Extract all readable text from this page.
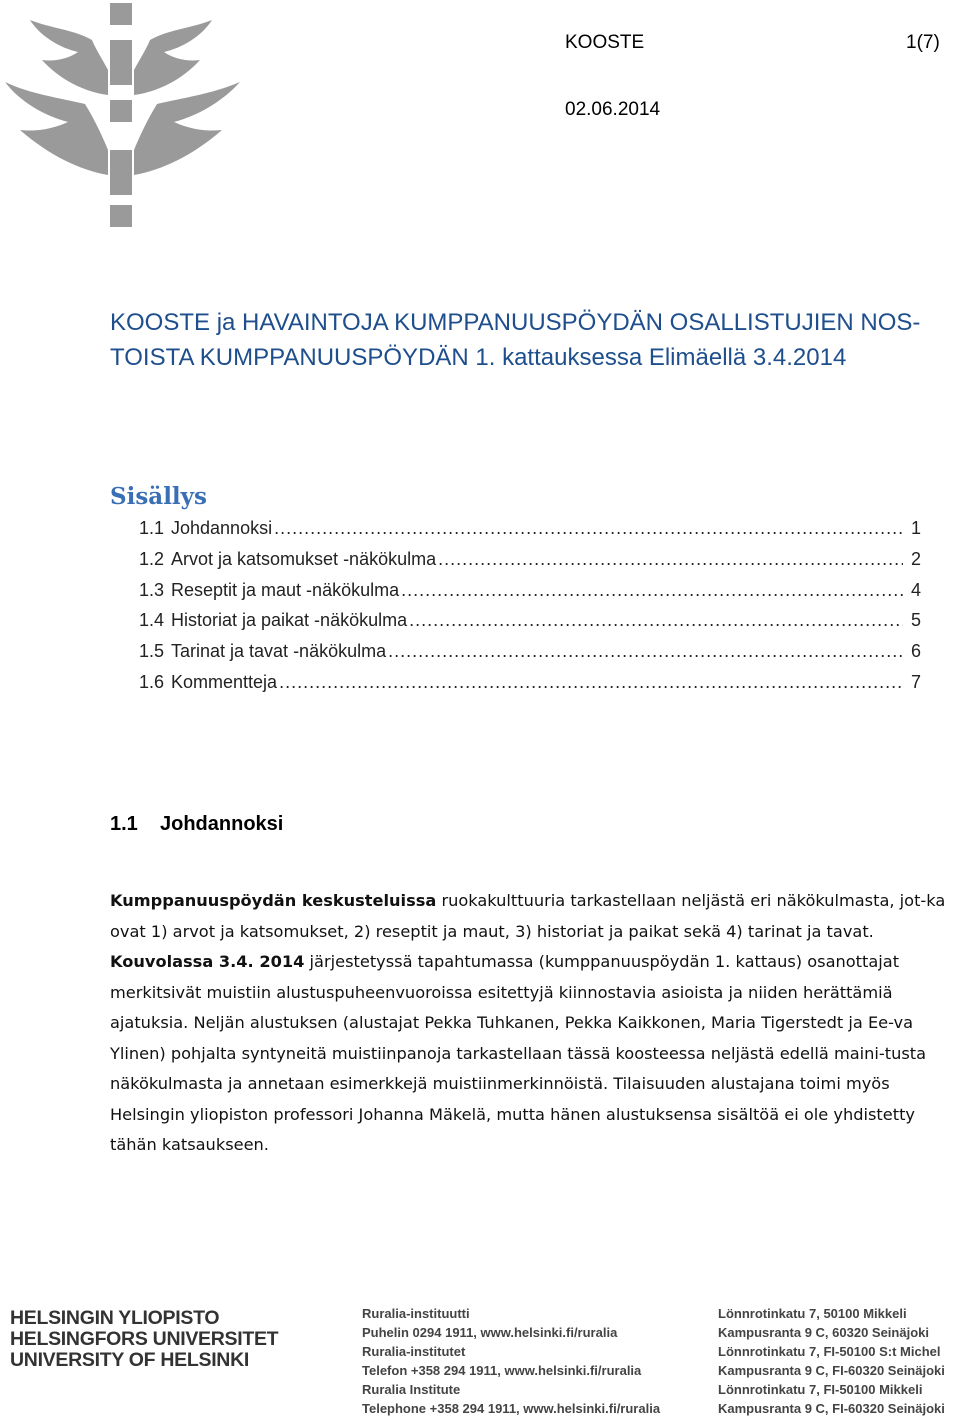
KOOSTE	1(7)
02.06.2014
KOOSTE ja HAVAINTOJA KUMPPANUUSPÖYDÄN OSALLISTUJIEN NOS-
TOISTA KUMPPANUUSPÖYDÄN 1. kattauksessa Elimäellä 3.4.2014
Sisällys
1.1 Johdannoksi .....	1
1.2 Arvot ja katsomukset -näkökulma .....	2
1.3 Reseptit ja maut -näkökulma .....	4
1.4 Historiat ja paikat -näkökulma .....	5
1.5 Tarinat ja tavat -näkökulma .....	6
1.6 Kommentteja .....	7
1.1 Johdannoksi

Kumppanuuspöydän keskusteluissa ruokakulttuuria tarkastellaan neljästä eri näkökulmasta, jot-ka ovat 1) arvot ja katsomukset, 2) reseptit ja maut, 3) historiat ja paikat sekä 4) tarinat ja tavat. Kouvolassa 3.4. 2014 järjestetyssä tapahtumassa (kumppanuuspöydän 1. kattaus) osanottajat merkitsivät muistiin alustuspuheenvuoroissa esitettyjä kiinnostavia asioista ja niiden herättämiä ajatuksia. Neljän alustuksen (alustajat Pekka Tuhkanen, Pekka Kaikkonen, Maria Tigerstedt ja Ee-va Ylinen) pohjalta syntyneitä muistiinpanoja tarkastellaan tässä koosteessa neljästä edellä maini-tusta näkökulmasta ja annetaan esimerkkejä muistiinmerkinnöistä. Tilaisuuden alustajana toimi myös Helsingin yliopiston professori Johanna Mäkelä, mutta hänen alustuksensa sisältöä ei ole yhdistetty tähän katsaukseen.

HELSINGIN YLIOPISTO
HELSINGFORS UNIVERSITET
UNIVERSITY OF HELSINKI
Ruralia-instituutti
Puhelin 0294 1911, www.helsinki.fi/ruralia
Ruralia-institutet
Telefon +358 294 1911, www.helsinki.fi/ruralia
Ruralia Institute
Telephone +358 294 1911, www.helsinki.fi/ruralia
Lönnrotinkatu 7, 50100 Mikkeli
Kampusranta 9 C, 60320 Seinäjoki
Lönnrotinkatu 7, FI-50100 S:t Michel
Kampusranta 9 C, FI-60320 Seinäjoki
Lönnrotinkatu 7, FI-50100 Mikkeli
Kampusranta 9 C, FI-60320 Seinäjoki
